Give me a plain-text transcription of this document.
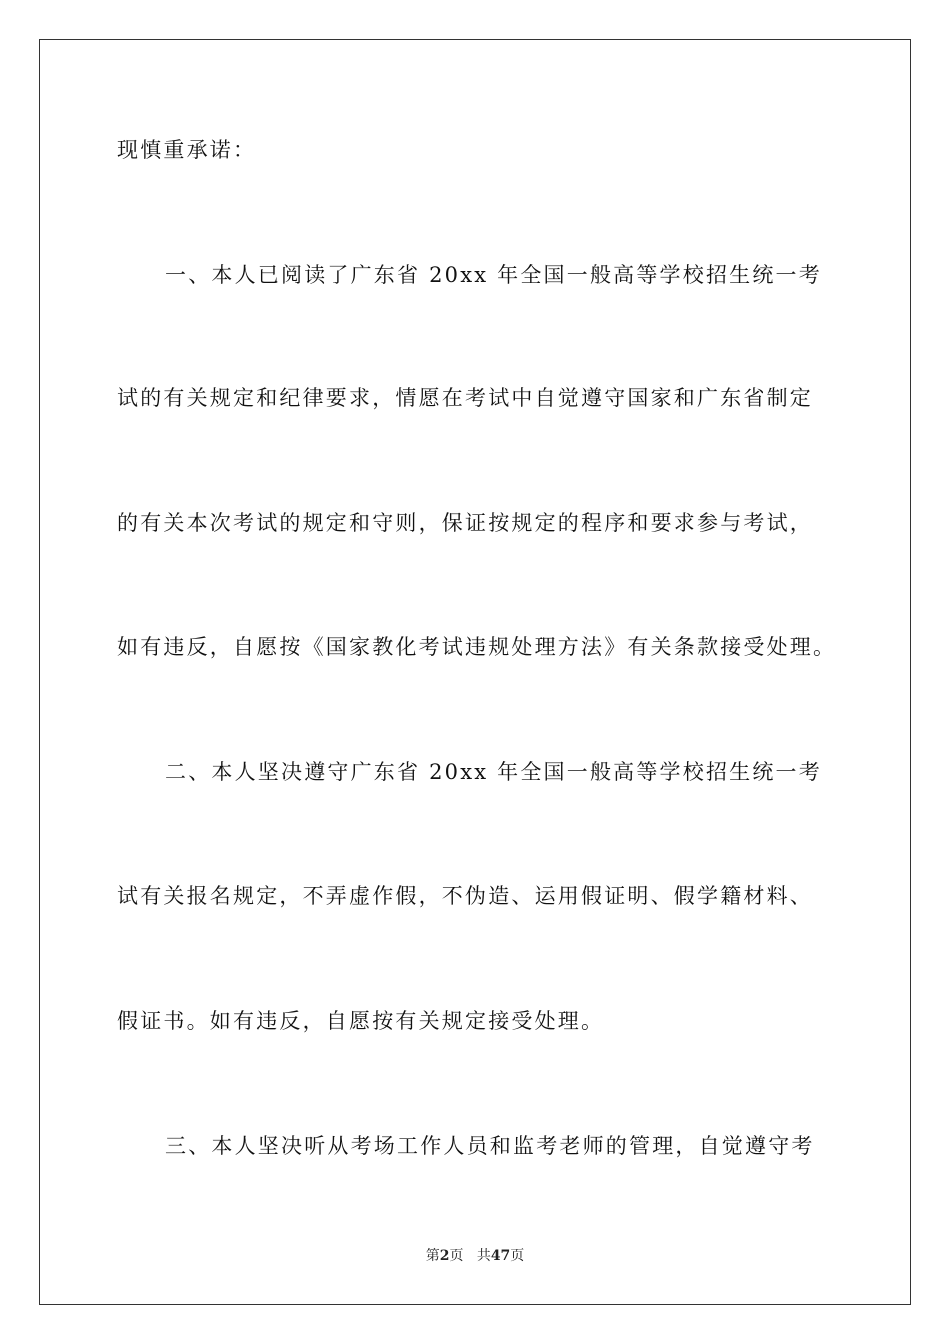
现慎重承诺：
一、本人已阅读了广东省 20xx 年全国一般高等学校招生统一考
试的有关规定和纪律要求，情愿在考试中自觉遵守国家和广东省制定
的有关本次考试的规定和守则，保证按规定的程序和要求参与考试，
如有违反，自愿按《国家教化考试违规处理方法》有关条款接受处理。
二、本人坚决遵守广东省 20xx 年全国一般高等学校招生统一考
试有关报名规定，不弄虚作假，不伪造、运用假证明、假学籍材料、
假证书。如有违反，自愿按有关规定接受处理。
三、本人坚决听从考场工作人员和监考老师的管理，自觉遵守考
第2页 共47页
